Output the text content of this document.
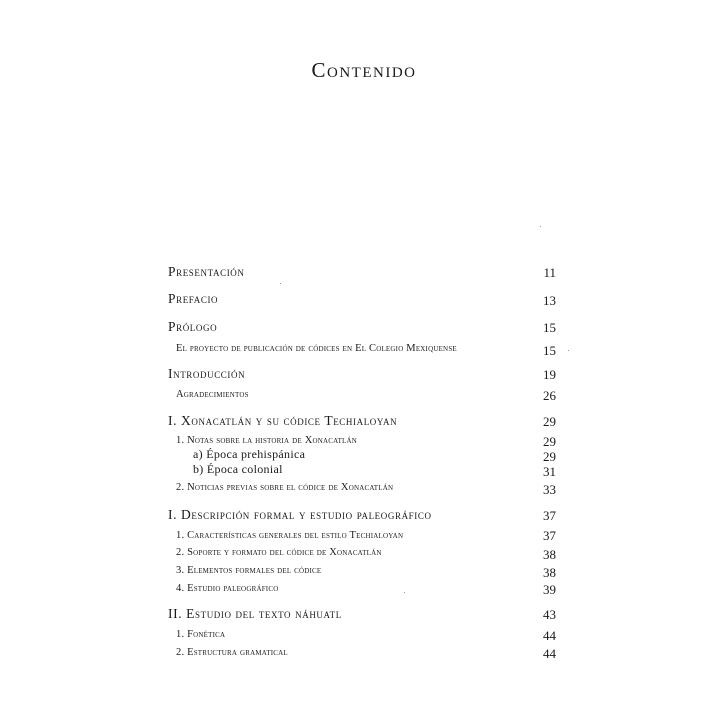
Contenido
Presentación
Prefacio
Prólogo
El proyecto de publicación de códices en El Colegio Mexiquense
Introducción
Agradecimientos
I. Xonacatlán y su códice Techialoyan
1. Notas sobre la historia de Xonacatlán
a) Época prehispánica
b) Época colonial
2. Noticias previas sobre el códice de Xonacatlán
I. Descripción formal y estudio paleográfico
1. Características generales del estilo Techialoyan
2. Soporte y formato del códice de Xonacatlán
3. Elementos formales del códice
4. Estudio paleográfico
II. Estudio del texto náhuatl
1. Fonética
2. Estructura gramatical
11
13
15
15
19
26
29
29
29
31
33
37
37
38
38
39
43
44
44
